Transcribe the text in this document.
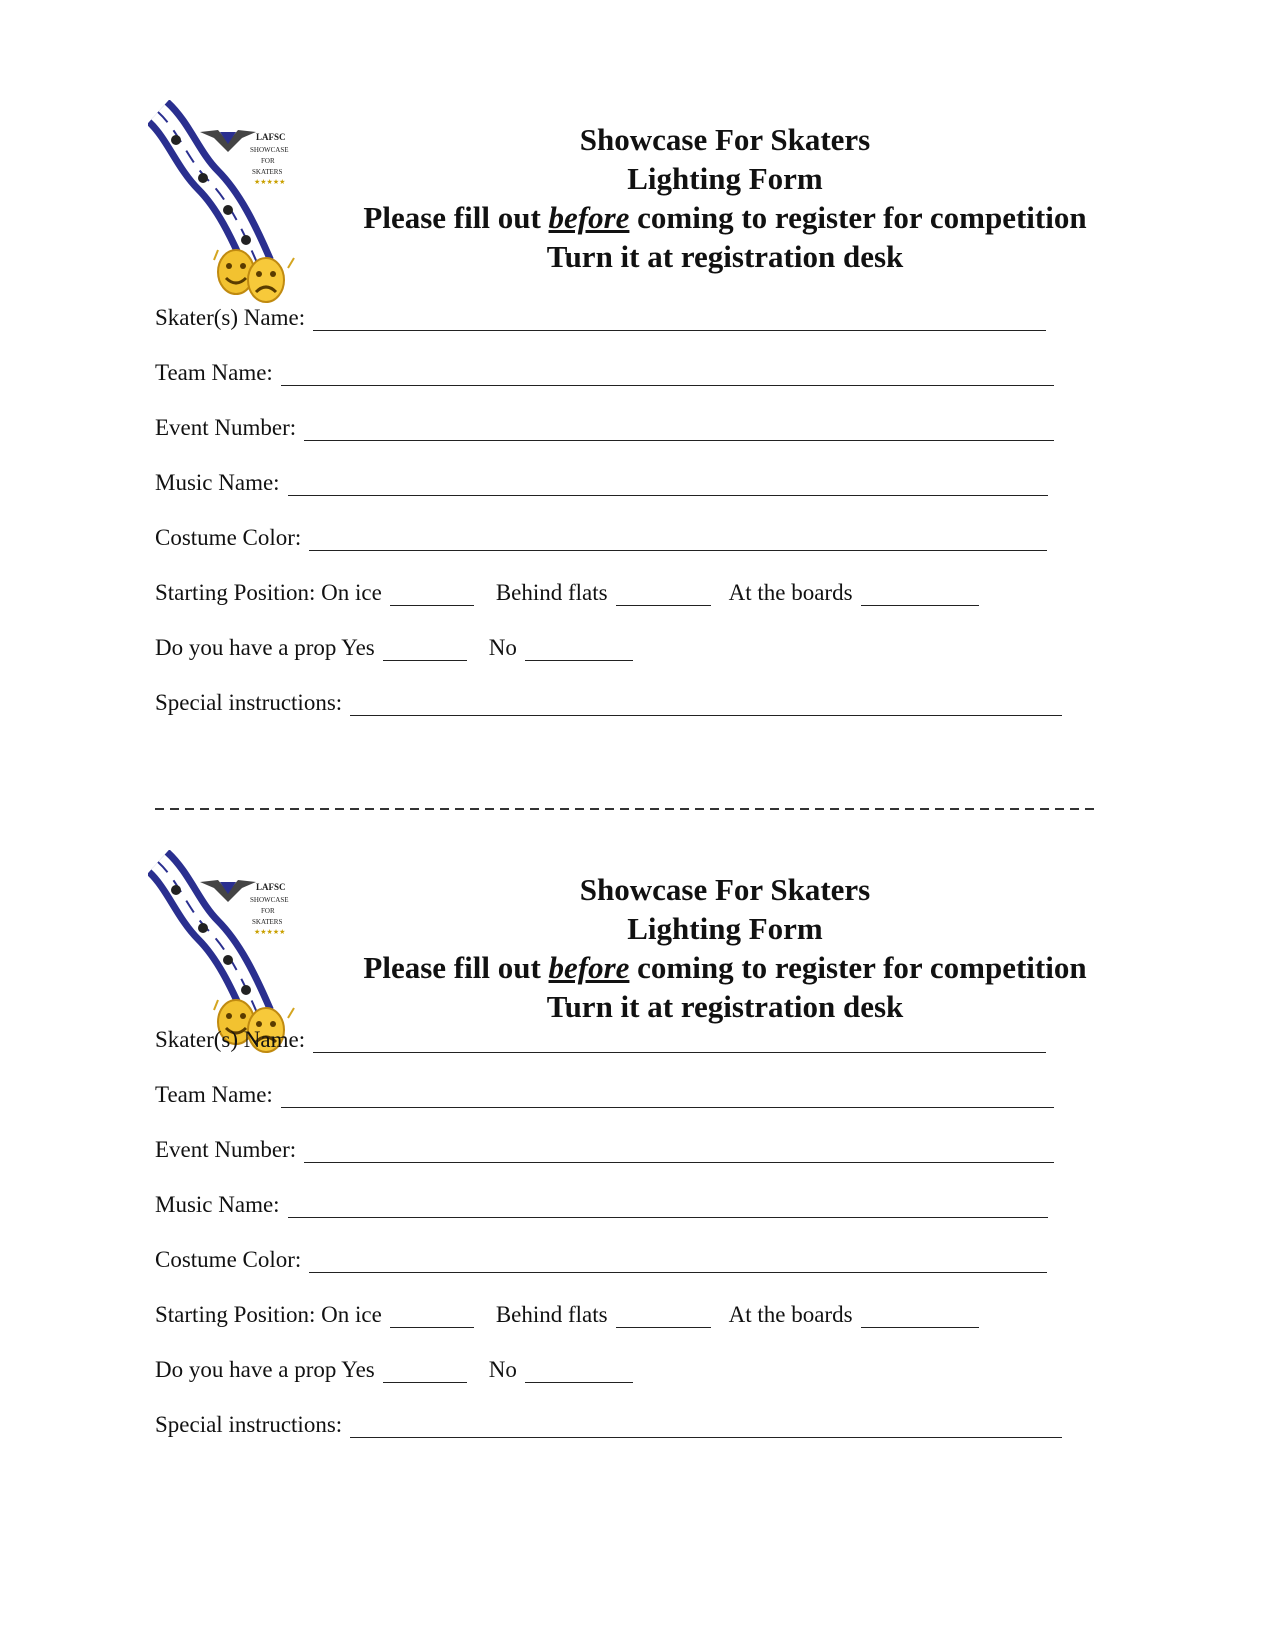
LAFSC
SHOWCASE
FOR
SKATERS
★★★★★
Showcase For Skaters
Lighting Form
Please fill out before coming to register for competition
Turn it at registration desk
Skater(s) Name:
Team Name:
Event Number:
Music Name:
Costume Color:
Starting Position: On ice	Behind flats	At the boards
Do you have a prop Yes	No
Special instructions:
LAFSC
SHOWCASE
FOR
SKATERS
★★★★★
Showcase For Skaters
Lighting Form
Please fill out before coming to register for competition
Turn it at registration desk
Skater(s) Name:
Team Name:
Event Number:
Music Name:
Costume Color:
Starting Position: On ice	Behind flats	At the boards
Do you have a prop Yes	No
Special instructions:
